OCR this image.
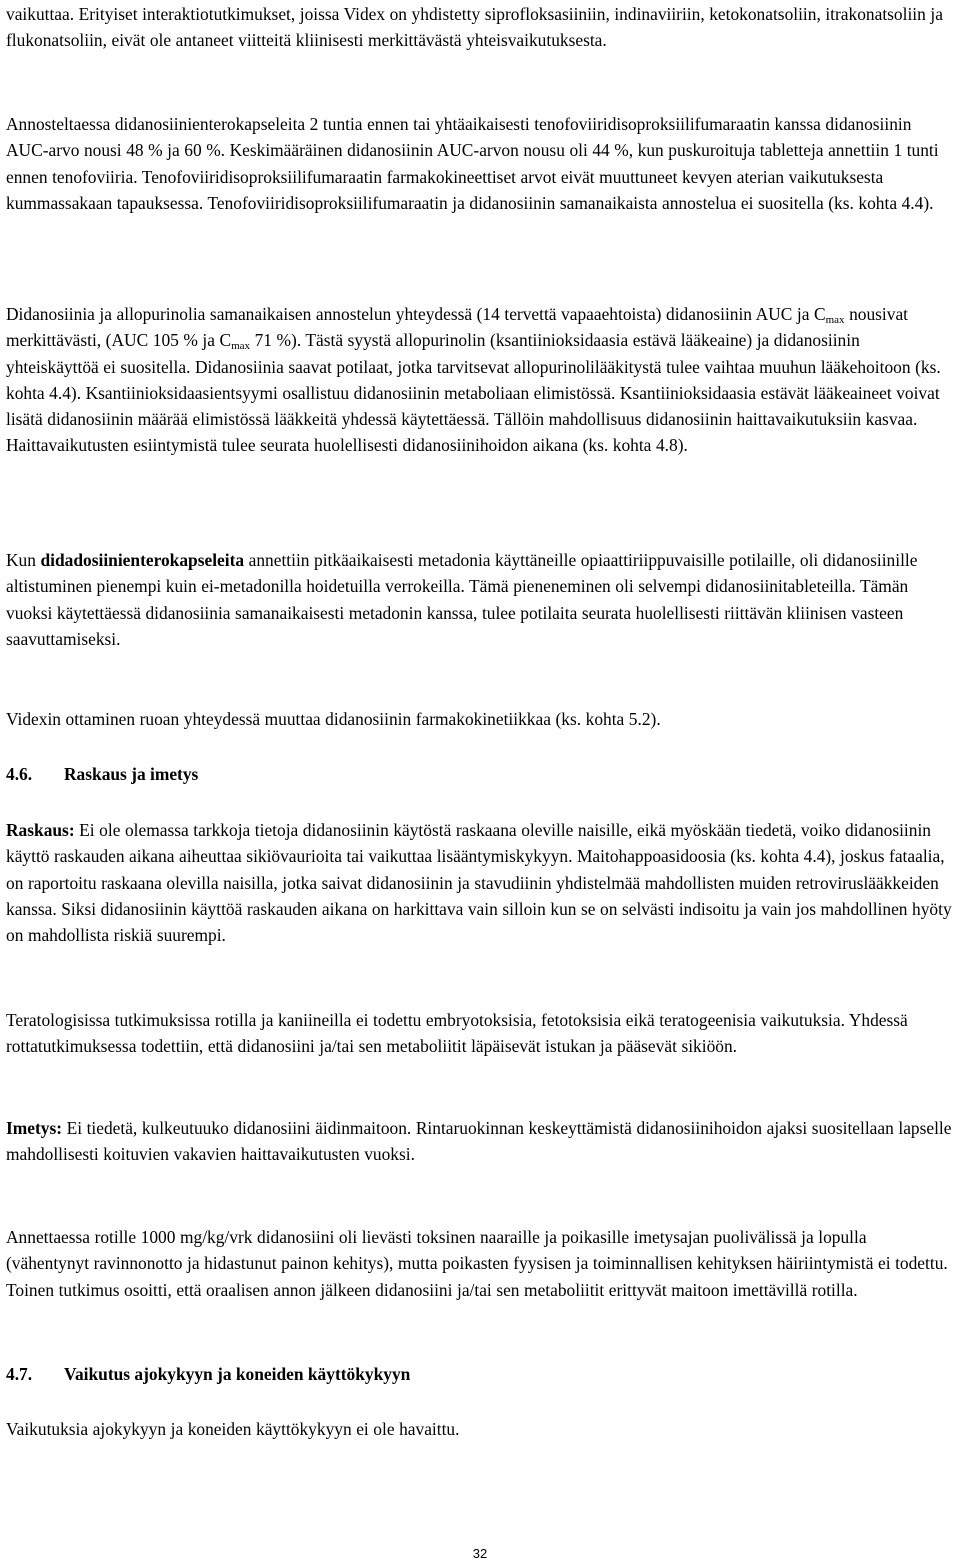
vaikuttaa. Erityiset interaktiotutkimukset, joissa Videx on yhdistetty siprofloksasiiniin, indinaviiriin, ketokonatsoliin, itrakonatsoliin ja flukonatsoliin, eivät ole antaneet viitteitä kliinisesti merkittävästä yhteisvaikutuksesta.

Annosteltaessa didanosiinienterokapseleita 2 tuntia ennen tai yhtäaikaisesti tenofoviiridisoproksiilifumaraatin kanssa didanosiinin AUC-arvo nousi 48 % ja 60 %. Keskimääräinen didanosiinin AUC-arvon nousu oli 44 %, kun puskuroituja tabletteja annettiin 1 tunti ennen tenofoviiria. Tenofoviiridisoproksiilifumaraatin farmakokineettiset arvot eivät muuttuneet kevyen aterian vaikutuksesta kummassakaan tapauksessa. Tenofoviiridisoproksiilifumaraatin ja didanosiinin samanaikaista annostelua ei suositella (ks. kohta 4.4).

Didanosiinia ja allopurinolia samanaikaisen annostelun yhteydessä (14 tervettä vapaaehtoista) didanosiinin AUC ja $C_{max}$ nousivat merkittävästi, (AUC 105 % ja $C_{max}$ 71 %). Tästä syystä allopurinolin (ksantiinioksidaasia estävä lääkeaine) ja didanosiinin yhteiskäyttöä ei suositella. Didanosiinia saavat potilaat, jotka tarvitsevat allopurinolilääkitystä tulee vaihtaa muuhun lääkehoitoon (ks. kohta 4.4). Ksantiinioksidaasientsyymi osallistuu didanosiinin metaboliaan elimistössä. Ksantiinioksidaasia estävät lääkeaineet voivat lisätä didanosiinin määrää elimistössä lääkkeitä yhdessä käytettäessä. Tällöin mahdollisuus didanosiinin haittavaikutuksiin kasvaa. Haittavaikutusten esiintymistä tulee seurata huolellisesti didanosiinihoidon aikana (ks. kohta 4.8).

Kun didadosiinienterokapseleita annettiin pitkäaikaisesti metadonia käyttäneille opiaattiriippuvaisille potilaille, oli didanosiinille altistuminen pienempi kuin ei-metadonilla hoidetuilla verrokeilla. Tämä pieneneminen oli selvempi didanosiinitableteilla. Tämän vuoksi käytettäessä didanosiinia samanaikaisesti metadonin kanssa, tulee potilaita seurata huolellisesti riittävän kliinisen vasteen saavuttamiseksi.

Videxin ottaminen ruoan yhteydessä muuttaa didanosiinin farmakokinetiikkaa (ks. kohta 5.2).

4.6. Raskaus ja imetys

Raskaus: Ei ole olemassa tarkkoja tietoja didanosiinin käytöstä raskaana oleville naisille, eikä myöskään tiedetä, voiko didanosiinin käyttö raskauden aikana aiheuttaa sikiövaurioita tai vaikuttaa lisääntymiskykyyn. Maitohappoasidoosia (ks. kohta 4.4), joskus fataalia, on raportoitu raskaana olevilla naisilla, jotka saivat didanosiinin ja stavudiinin yhdistelmää mahdollisten muiden retroviruslääkkeiden kanssa. Siksi didanosiinin käyttöä raskauden aikana on harkittava vain silloin kun se on selvästi indisoitu ja vain jos mahdollinen hyöty on mahdollista riskiä suurempi.

Teratologisissa tutkimuksissa rotilla ja kaniineilla ei todettu embryotoksisia, fetotoksisia eikä teratogeenisia vaikutuksia. Yhdessä rottatutkimuksessa todettiin, että didanosiini ja/tai sen metaboliitit läpäisevät istukan ja pääsevät sikiöön.

Imetys: Ei tiedetä, kulkeutuuko didanosiini äidinmaitoon. Rintaruokinnan keskeyttämistä didanosiinihoidon ajaksi suositellaan lapselle mahdollisesti koituvien vakavien haittavaikutusten vuoksi.

Annettaessa rotille 1000 mg/kg/vrk didanosiini oli lievästi toksinen naaraille ja poikasille imetysajan puolivälissä ja lopulla (vähentynyt ravinnonotto ja hidastunut painon kehitys), mutta poikasten fyysisen ja toiminnallisen kehityksen häiriintymistä ei todettu. Toinen tutkimus osoitti, että oraalisen annon jälkeen didanosiini ja/tai sen metaboliitit erittyvät maitoon imettävillä rotilla.

4.7. Vaikutus ajokykyyn ja koneiden käyttökykyyn

Vaikutuksia ajokykyyn ja koneiden käyttökykyyn ei ole havaittu.

32
